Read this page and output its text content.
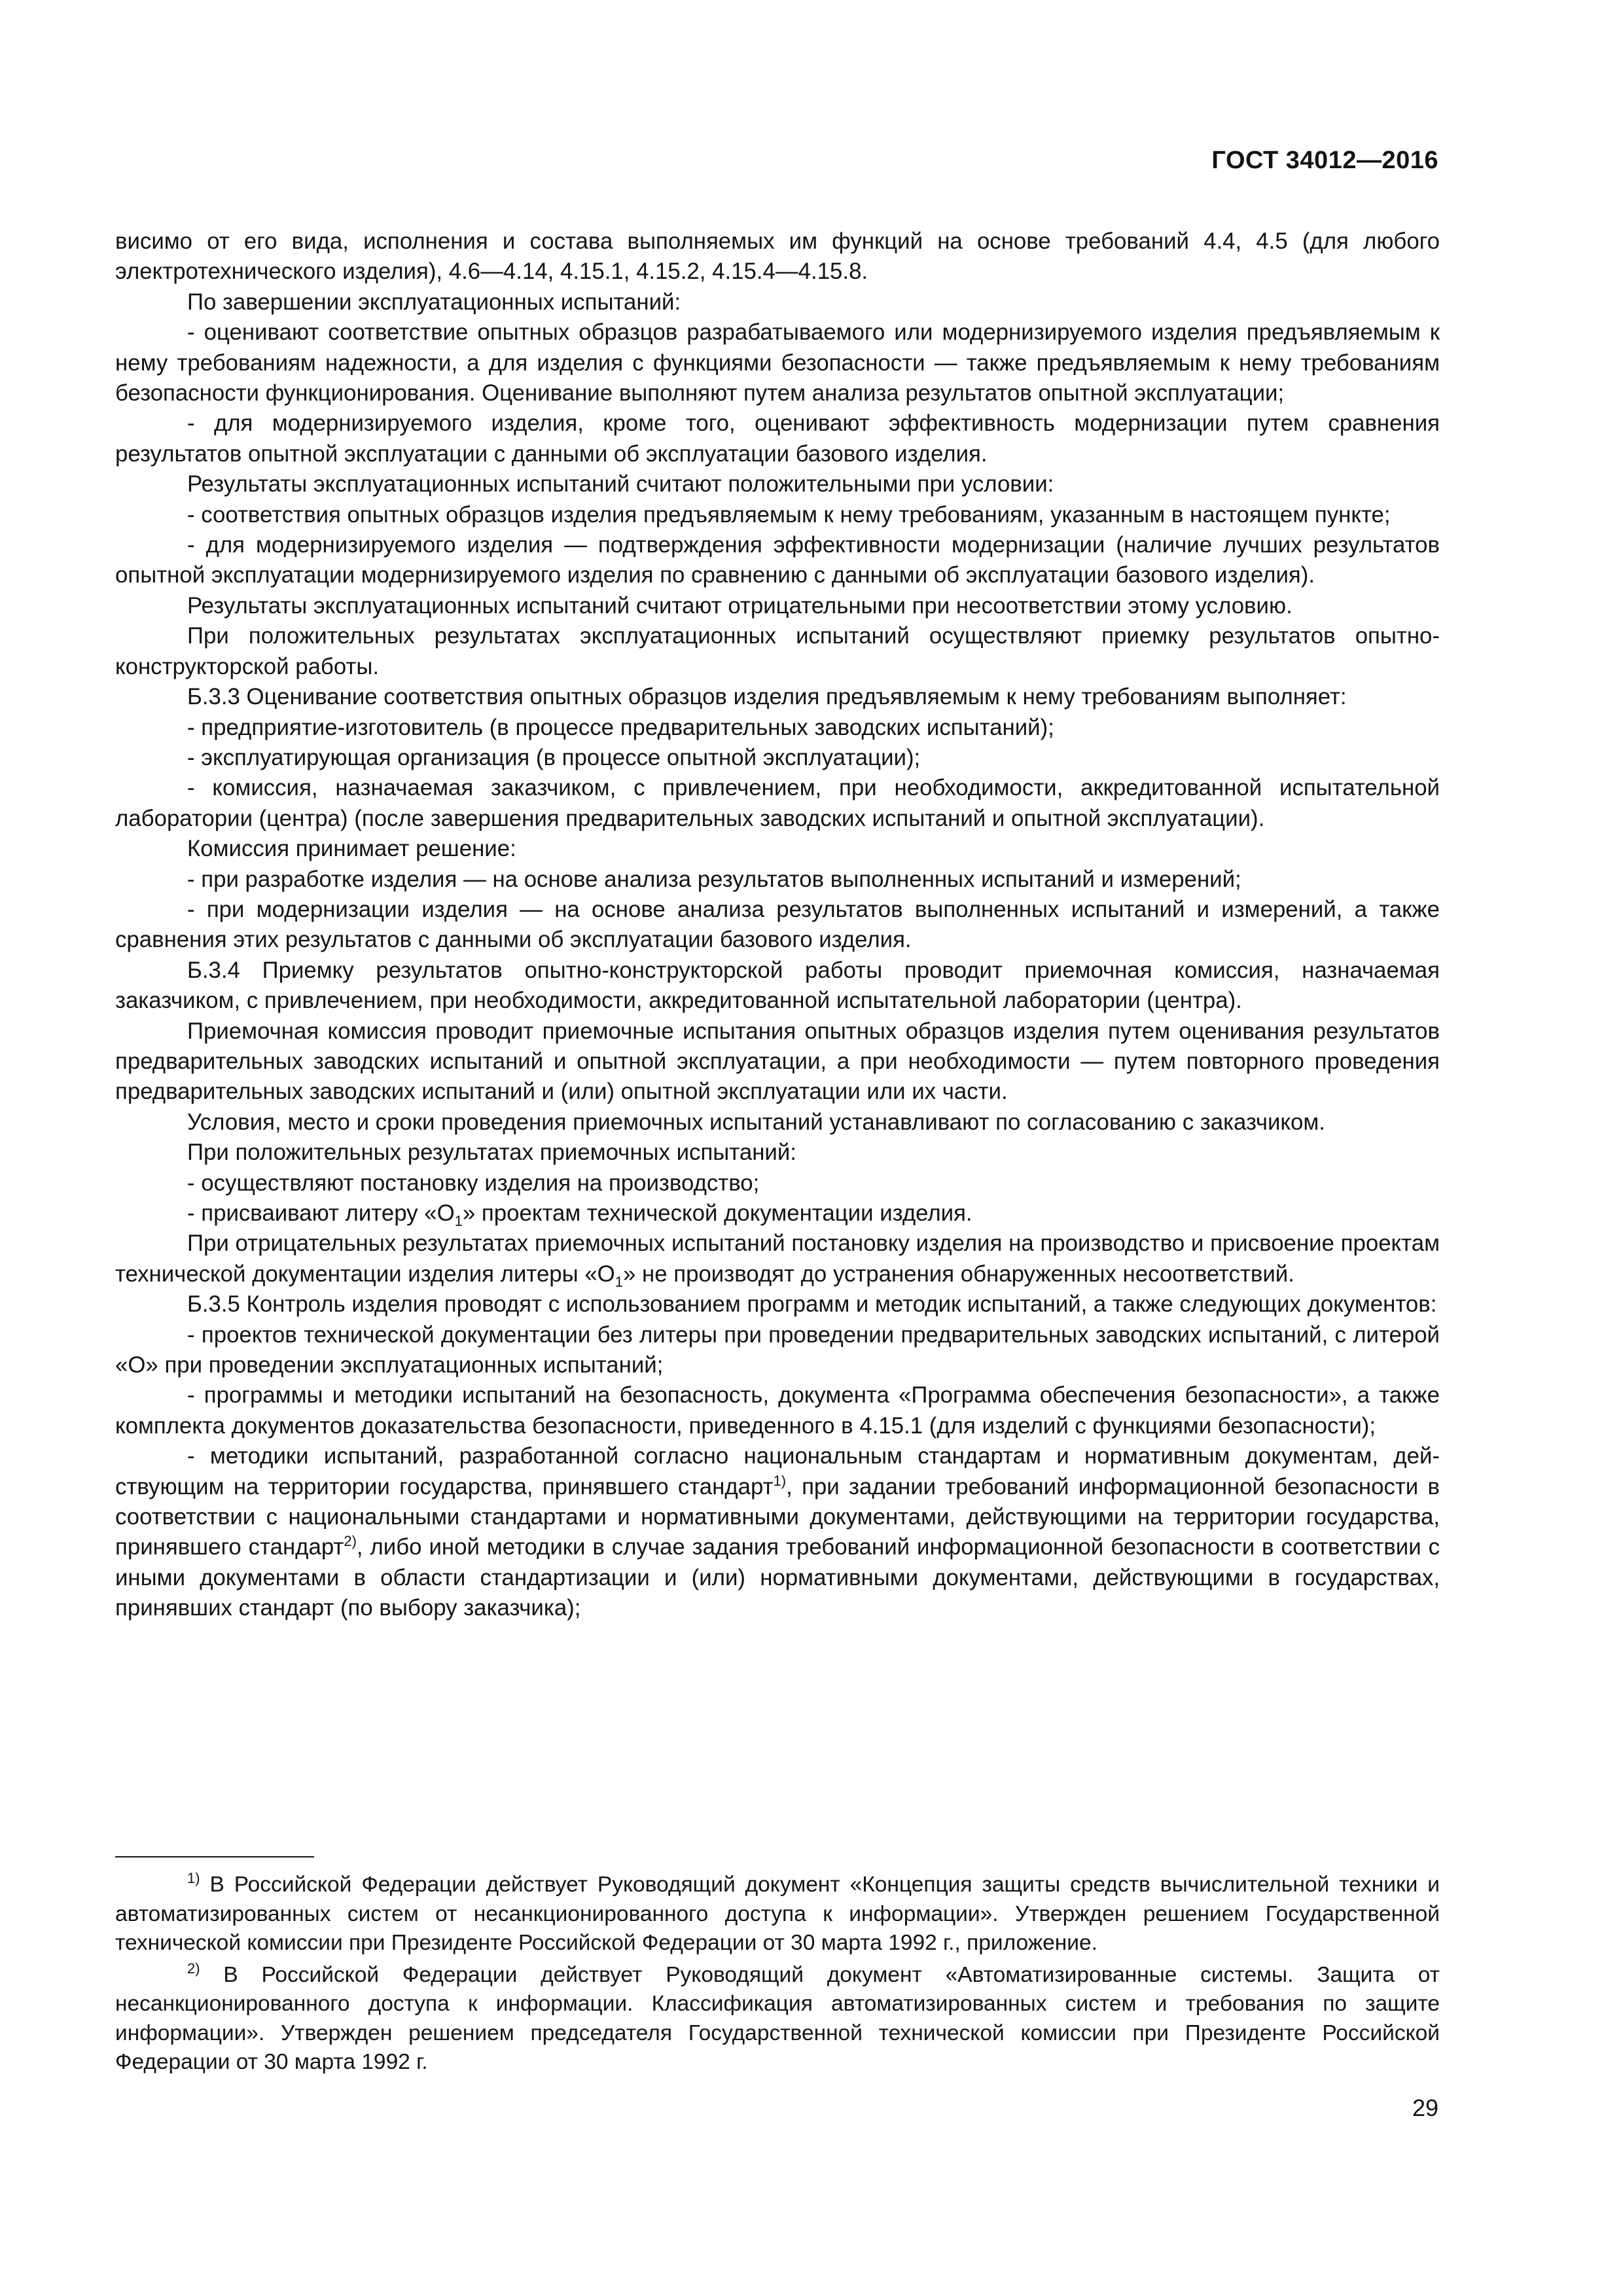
ГОСТ 34012—2016

висимо от его вида, исполнения и состава выполняемых им функций на основе требований 4.4, 4.5 (для любого электротехнического изделия), 4.6—4.14, 4.15.1, 4.15.2, 4.15.4—4.15.8.

По завершении эксплуатационных испытаний:

- оценивают соответствие опытных образцов разрабатываемого или модернизируемого изделия предъявляемым к нему требованиям надежности, а для изделия с функциями безопасности — также предъявляемым к нему требованиям безопасности функционирования. Оценивание выполняют путем анализа результатов опытной эксплуатации;

- для модернизируемого изделия, кроме того, оценивают эффективность модернизации путем сравнения результатов опытной эксплуатации с данными об эксплуатации базового изделия.

Результаты эксплуатационных испытаний считают положительными при условии:

- соответствия опытных образцов изделия предъявляемым к нему требованиям, указанным в настоящем пункте;

- для модернизируемого изделия — подтверждения эффективности модернизации (наличие лучших результатов опытной эксплуатации модернизируемого изделия по сравнению с данными об эксплуатации базового изделия).

Результаты эксплуатационных испытаний считают отрицательными при несоответствии этому условию.

При положительных результатах эксплуатационных испытаний осуществляют приемку результатов опытно-конструкторской работы.

Б.3.3 Оценивание соответствия опытных образцов изделия предъявляемым к нему требованиям выполняет:

- предприятие-изготовитель (в процессе предварительных заводских испытаний);

- эксплуатирующая организация (в процессе опытной эксплуатации);

- комиссия, назначаемая заказчиком, с привлечением, при необходимости, аккредитованной испытательной лаборатории (центра) (после завершения предварительных заводских испытаний и опытной эксплуатации).

Комиссия принимает решение:

- при разработке изделия — на основе анализа результатов выполненных испытаний и измерений;

- при модернизации изделия — на основе анализа результатов выполненных испытаний и измерений, а также сравнения этих результатов с данными об эксплуатации базового изделия.

Б.3.4 Приемку результатов опытно-конструкторской работы проводит приемочная комиссия, назначаемая заказчиком, с привлечением, при необходимости, аккредитованной испытательной лаборатории (центра).

Приемочная комиссия проводит приемочные испытания опытных образцов изделия путем оценивания результатов предварительных заводских испытаний и опытной эксплуатации, а при необходимости — путем повторного проведения предварительных заводских испытаний и (или) опытной эксплуатации или их части.

Условия, место и сроки проведения приемочных испытаний устанавливают по согласованию с заказчиком.

При положительных результатах приемочных испытаний:

- осуществляют постановку изделия на производство;

- присваивают литеру «$О_1$» проектам технической документации изделия.

При отрицательных результатах приемочных испытаний постановку изделия на производство и присвоение проектам технической документации изделия литеры «$О_1$» не производят до устранения обнаруженных несоответствий.

Б.3.5 Контроль изделия проводят с использованием программ и методик испытаний, а также следующих документов:

- проектов технической документации без литеры при проведении предварительных заводских испытаний, с литерой «О» при проведении эксплуатационных испытаний;

- программы и методики испытаний на безопасность, документа «Программа обеспечения безопасности», а также комплекта документов доказательства безопасности, приведенного в 4.15.1 (для изделий с функциями безопасности);

- методики испытаний, разработанной согласно национальным стандартам и нормативным документам, действующим на территории государства, принявшего стандарт$^{1)}$, при задании требований информационной безопасности в соответствии с национальными стандартами и нормативными документами, действующими на территории государства, принявшего стандарт$^{2)}$, либо иной методики в случае задания требований информационной безопасности в соответствии с иными документами в области стандартизации и (или) нормативными документами, действующими в государствах, принявших стандарт (по выбору заказчика);

$^{1)}$ В Российской Федерации действует Руководящий документ «Концепция защиты средств вычислительной техники и автоматизированных систем от несанкционированного доступа к информации». Утвержден решением Государственной технической комиссии при Президенте Российской Федерации от 30 марта 1992 г., приложение.

$^{2)}$ В Российской Федерации действует Руководящий документ «Автоматизированные системы. Защита от несанкционированного доступа к информации. Классификация автоматизированных систем и требования по защите информации». Утвержден решением председателя Государственной технической комиссии при Президенте Российской Федерации от 30 марта 1992 г.

29
